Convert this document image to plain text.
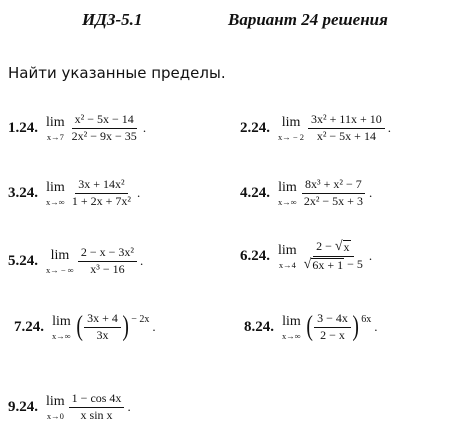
ИДЗ-5.1	Вариант 24 решения
Найти указанные пределы.
1.24. lim
$x\to 7 \frac{\text{x² − 5x − 14}}{\text{2x² − 9x − 35}}$ .	2.24. lim
$x\to - 2 \frac{\text{3x² + 11x + 10}}{\text{x² − 5x + 14}}$ .
3.24. lim
$x\to\infty \frac{\text{3x + 14x²}}{\text{1 + 2x + 7x²}}$ .	4.24. lim
$x\to\infty \frac{\text{8x³ + x² − 7}}{\text{2x² − 5x + 3}}$ .
5.24. lim
x→ − ∞ $\frac{\text{2 − x − 3x²}}{\text{x³ − 16}}$ .	6.24. lim
$x\to 4 \frac{2 - √ x}{√ 6x + 1 - 5}$ .
7.24. lim
x→∞ ( $\frac{3x + 4}{3x}$ ) − 2x .	8.24. lim
x→∞ ( $\frac{3 - 4x}{2 - x}$ ) 6x .
9.24. lim
$x\to 0 \frac{1 - \cos 4x}{\text{x sin x}}$ .
